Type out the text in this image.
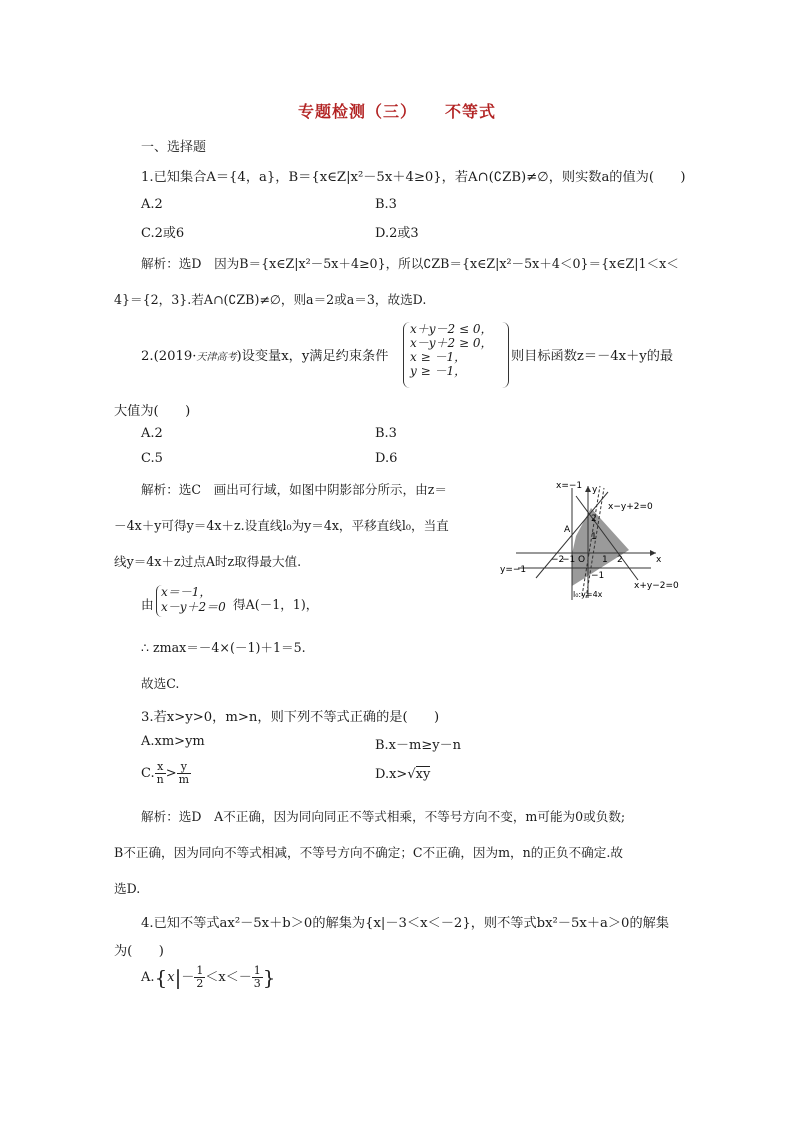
专题检测（三） 不等式
一、选择题
1.已知集合A＝{4，a}，B＝{x∈Z|x²－5x＋4≥0}，若A∩(∁ZB)≠∅，则实数a的值为(　　)
A.2	B.3
C.2或6	D.2或3
解析：选D　因为B＝{x∈Z|x²－5x＋4≥0}，所以∁ZB＝{x∈Z|x²－5x＋4＜0}＝{x∈Z|1＜x＜
4}＝{2，3}.若A∩(∁ZB)≠∅，则a＝2或a＝3，故选D.
2.(2019·天津高考)设变量x，y满足约束条件
x＋y－2 ≤ 0，
x－y＋2 ≥ 0，
x ≥ －1，
y ≥ －1，
则目标函数z＝－4x＋y的最
大值为(　　)
A.2	B.3
C.5	D.6
解析：选C　画出可行域，如图中阴影部分所示，由z＝
－4x＋y可得y＝4x＋z.设直线l₀为y＝4x，平移直线l₀，当直
线y＝4x＋z过点A时z取得最大值.
由
x＝－1，
x－y＋2＝0 得A(－1，1)，
∴ zmax＝－4×(－1)＋1＝5.
故选C.
x=−1 y
x
x−y+2=0
x+y−2=0
y=−1
l₀:y=4x
A
O
−2
−1	1 2
2
1
−1
3.若x>y>0，m>n，则下列不等式正确的是(　　)
A.xm>ym	B.x－m≥y－n
C. $\frac{x}{n} > \frac{y}{m}$	D.x>√xy
解析：选D　A不正确，因为同向同正不等式相乘，不等号方向不变，m可能为0或负数;
B不正确，因为同向不等式相减，不等号方向不确定；C不正确，因为m，n的正负不确定.故
选D.
4.已知不等式ax²－5x＋b＞0的解集为{x|－3＜x＜－2}，则不等式bx²－5x＋a＞0的解集
为(　　)
$A.\{x|- \frac{1}{2} <x<- \frac{1}{3}$ }
